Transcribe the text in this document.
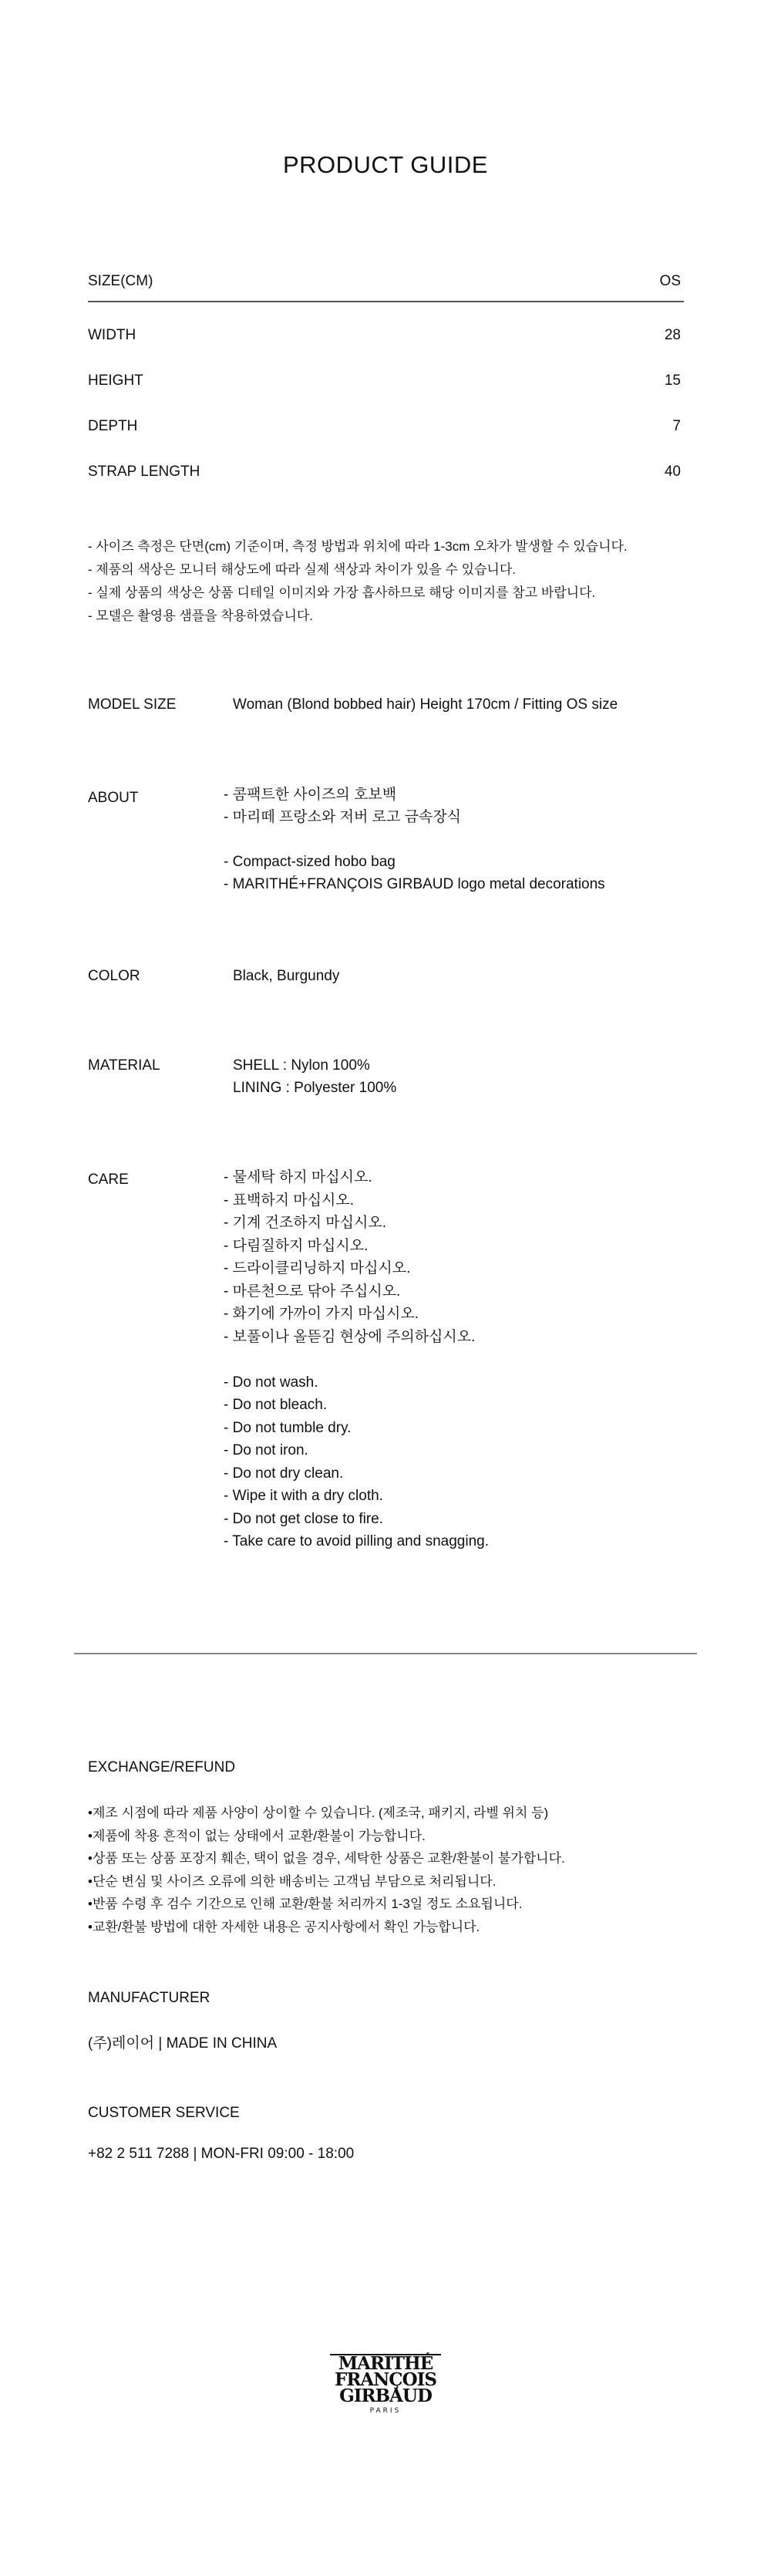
PRODUCT GUIDE
SIZE(CM)	OS
WIDTH	28
HEIGHT	15
DEPTH	7
STRAP LENGTH	40
- 사이즈 측정은 단면(cm) 기준이며, 측정 방법과 위치에 따라 1-3cm 오차가 발생할 수 있습니다.
- 제품의 색상은 모니터 해상도에 따라 실제 색상과 차이가 있을 수 있습니다.
- 실제 상품의 색상은 상품 디테일 이미지와 가장 흡사하므로 해당 이미지를 참고 바랍니다.
- 모델은 촬영용 샘플을 착용하였습니다.
MODEL SIZE	Woman (Blond bobbed hair) Height 170cm / Fitting OS size
ABOUT	- 콤팩트한 사이즈의 호보백
- 마리떼 프랑소와 저버 로고 금속장식

- Compact-sized hobo bag
- MARITHÉ+FRANÇOIS GIRBAUD logo metal decorations
COLOR	Black, Burgundy
MATERIAL	SHELL : Nylon 100%
LINING : Polyester 100%
CARE	- 물세탁 하지 마십시오.
- 표백하지 마십시오.
- 기계 건조하지 마십시오.
- 다림질하지 마십시오.
- 드라이클리닝하지 마십시오.
- 마른천으로 닦아 주십시오.
- 화기에 가까이 가지 마십시오.
- 보풀이나 올뜯김 현상에 주의하십시오.

- Do not wash.
- Do not bleach.
- Do not tumble dry.
- Do not iron.
- Do not dry clean.
- Wipe it with a dry cloth.
- Do not get close to fire.
- Take care to avoid pilling and snagging.
EXCHANGE/REFUND
•제조 시점에 따라 제품 사양이 상이할 수 있습니다. (제조국, 패키지, 라벨 위치 등)
•제품에 착용 흔적이 없는 상태에서 교환/환불이 가능합니다.
•상품 또는 상품 포장지 훼손, 택이 없을 경우, 세탁한 상품은 교환/환불이 불가합니다.
•단순 변심 및 사이즈 오류에 의한 배송비는 고객님 부담으로 처리됩니다.
•반품 수령 후 검수 기간으로 인해 교환/환불 처리까지 1-3일 정도 소요됩니다.
•교환/환불 방법에 대한 자세한 내용은 공지사항에서 확인 가능합니다.
MANUFACTURER
(주)레이어 | MADE IN CHINA
CUSTOMER SERVICE
+82 2 511 7288 | MON-FRI 09:00 - 18:00
MARITHÉ
FRANÇOIS
GIRBAUD
PARIS
